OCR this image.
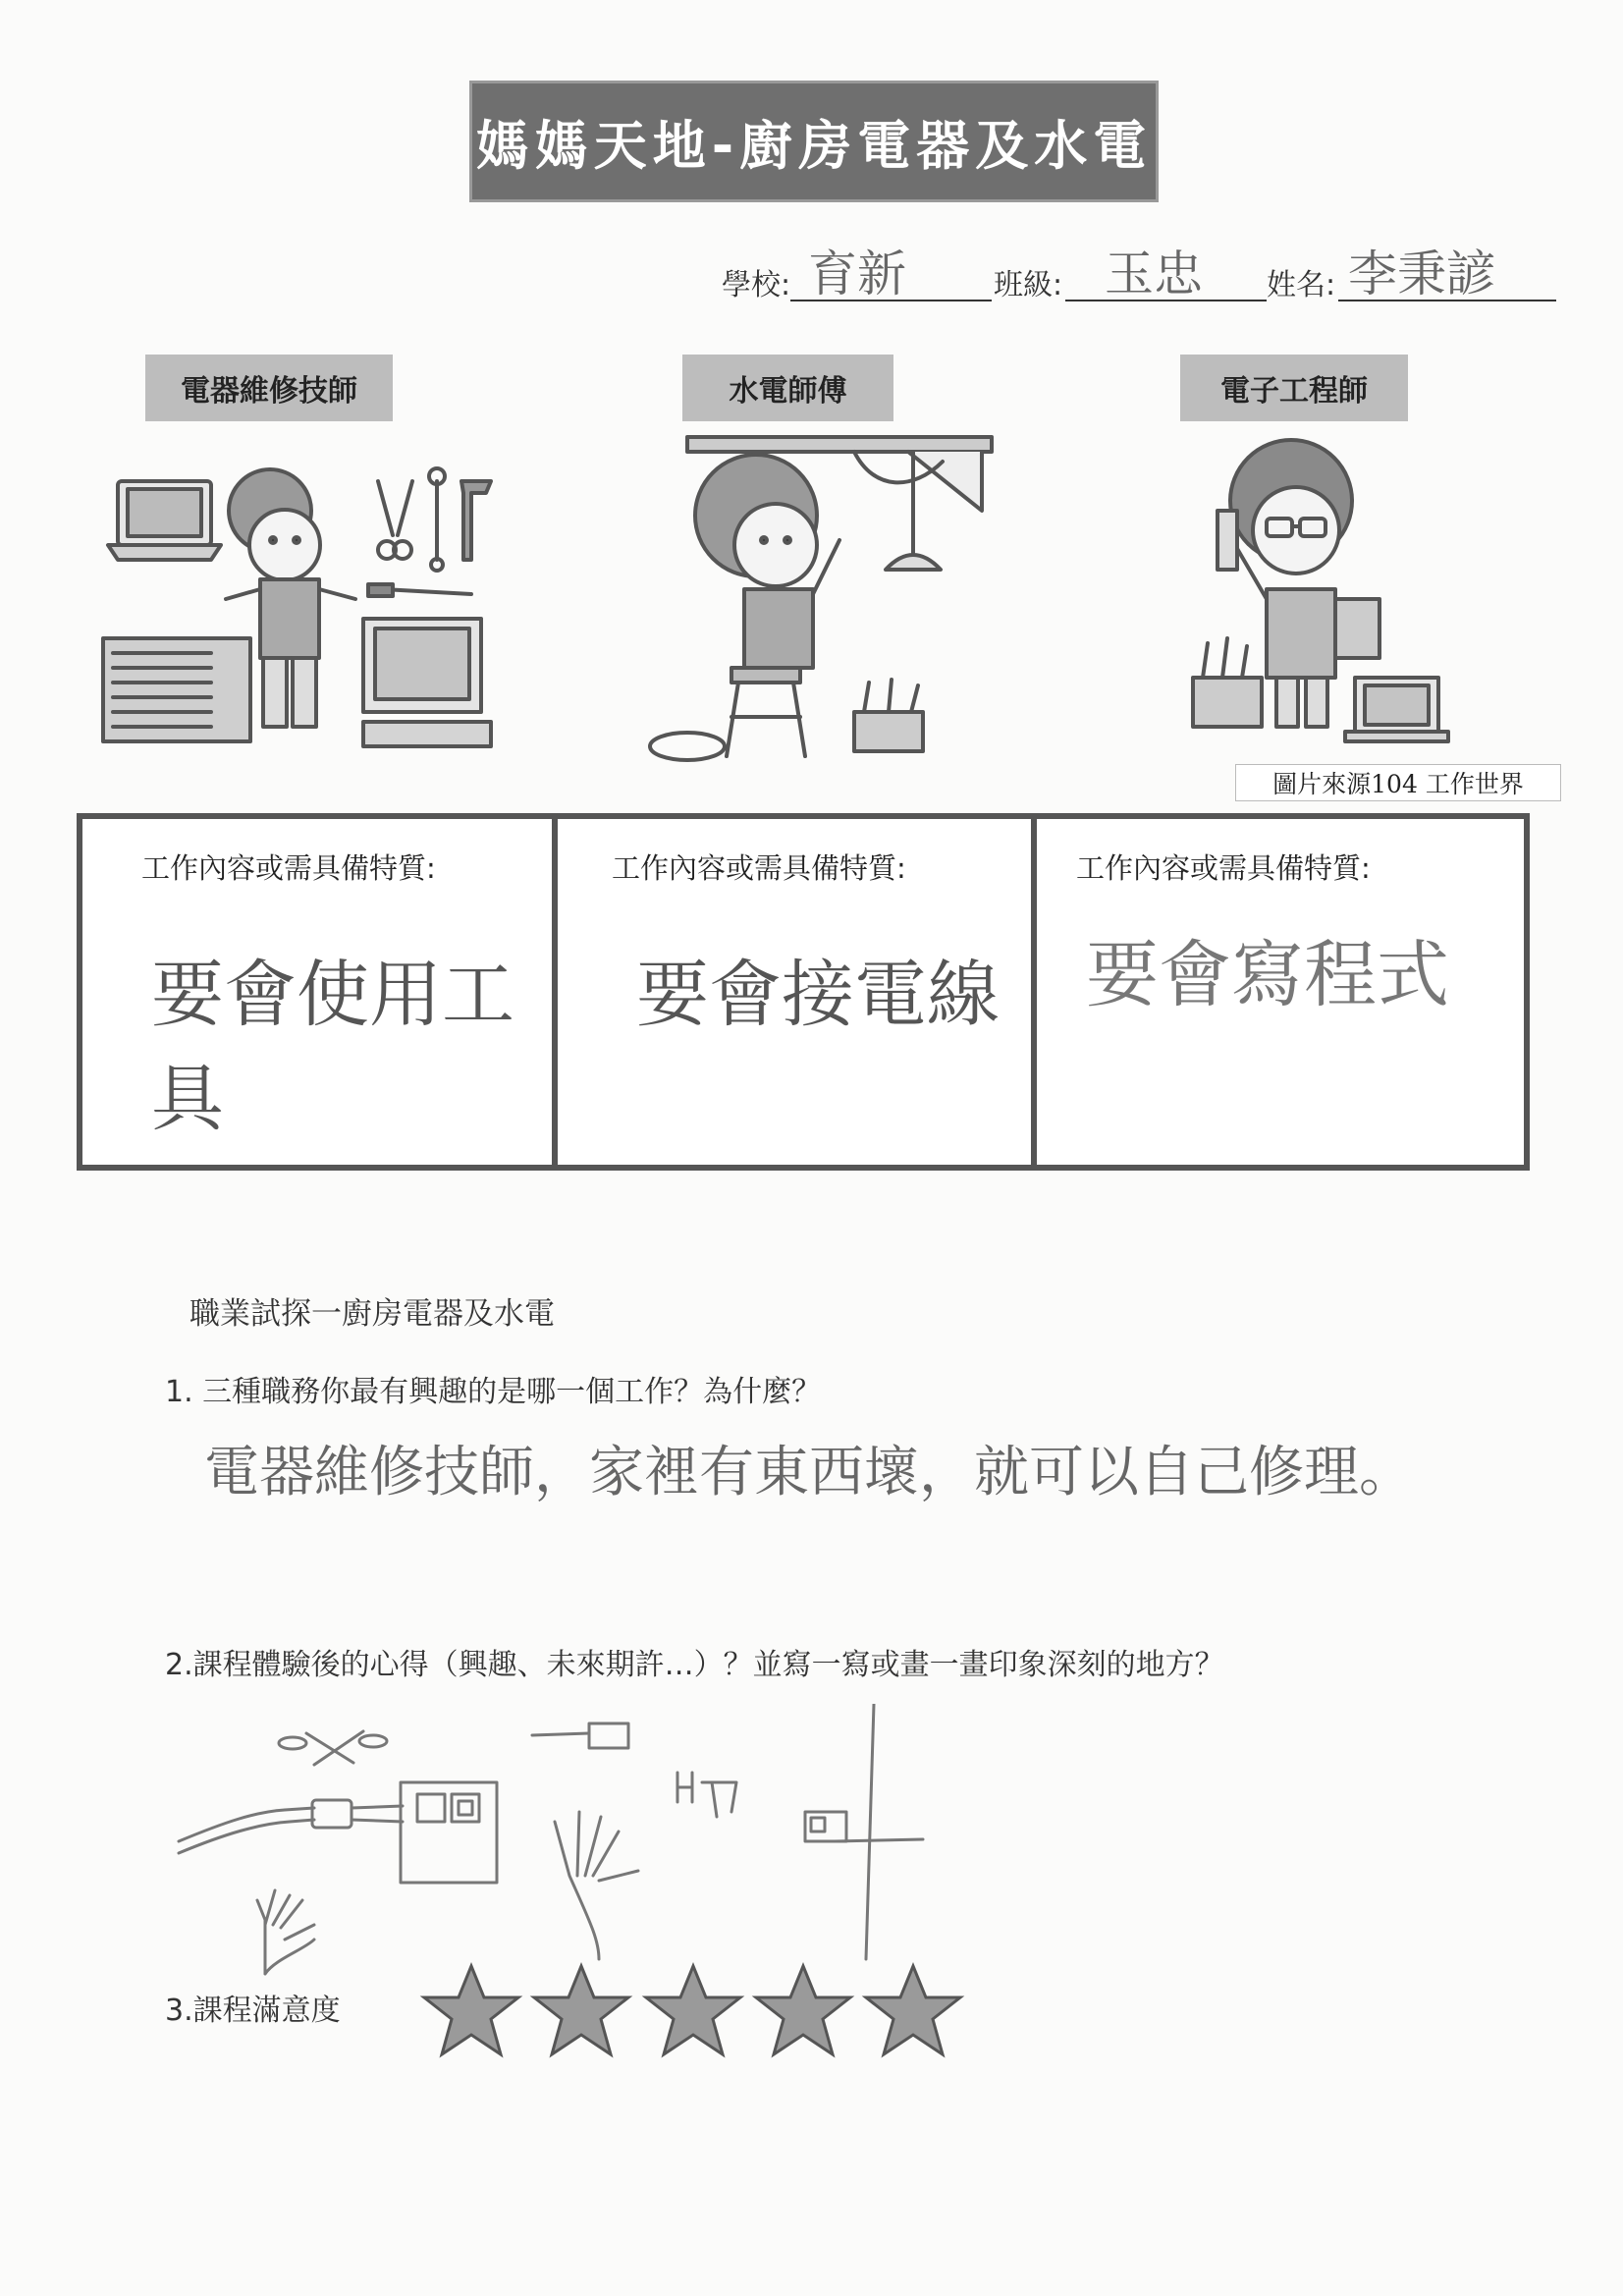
媽媽天地-廚房電器及水電
學校: 育新	班級: 玉忠 姓名: 李秉諺
電器維修技師	水電師傅	電子工程師
圖片來源104 工作世界
工作內容或需具備特質:
要會使用工具
工作內容或需具備特質:
要會接電線
工作內容或需具備特質:
要會寫程式
職業試探一廚房電器及水電
1. 三種職務你最有興趣的是哪一個工作？為什麼？
電器維修技師，家裡有東西壞，就可以自己修理。
2.課程體驗後的心得（興趣、未來期許…）？並寫一寫或畫一畫印象深刻的地方？
3.課程滿意度
